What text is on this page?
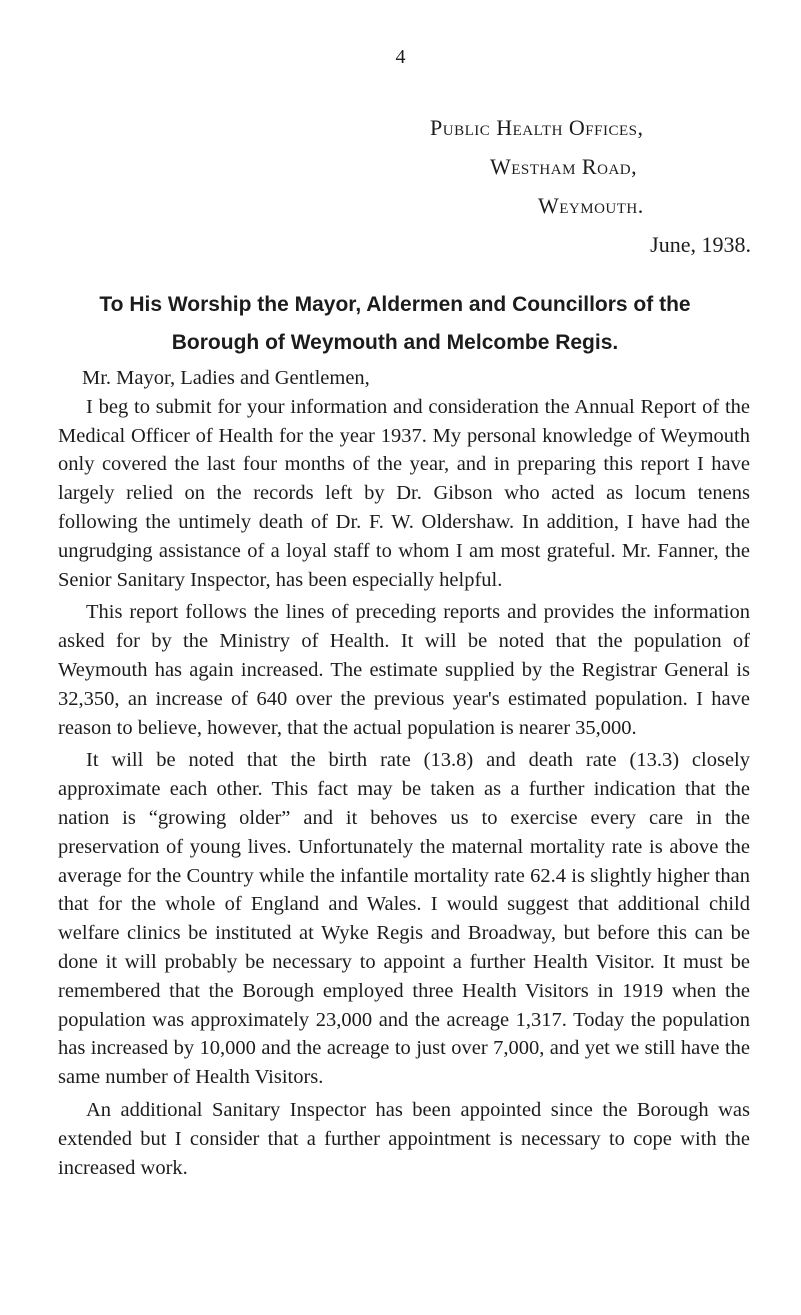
4
Public Health Offices,
Westham Road,
Weymouth.
June, 1938.
To His Worship the Mayor, Aldermen and Councillors of the
Borough of Weymouth and Melcombe Regis.

Mr. Mayor, Ladies and Gentlemen,

I beg to submit for your information and consideration the Annual Report of the Medical Officer of Health for the year 1937. My personal knowledge of Weymouth only covered the last four months of the year, and in preparing this report I have largely relied on the records left by Dr. Gibson who acted as locum tenens following the untimely death of Dr. F. W. Oldershaw. In addition, I have had the ungrudging assistance of a loyal staff to whom I am most grateful. Mr. Fanner, the Senior Sanitary Inspector, has been especially helpful.

This report follows the lines of preceding reports and provides the information asked for by the Ministry of Health. It will be noted that the population of Weymouth has again increased. The estimate supplied by the Registrar General is 32,350, an increase of 640 over the previous year's estimated population. I have reason to believe, however, that the actual population is nearer 35,000.

It will be noted that the birth rate (13.8) and death rate (13.3) closely approximate each other. This fact may be taken as a further indication that the nation is “growing older” and it behoves us to exercise every care in the preservation of young lives. Unfortunately the maternal mortality rate is above the average for the Country while the infantile mortality rate 62.4 is slightly higher than that for the whole of England and Wales. I would suggest that additional child welfare clinics be instituted at Wyke Regis and Broadway, but before this can be done it will probably be necessary to appoint a further Health Visitor. It must be remembered that the Borough employed three Health Visitors in 1919 when the population was approximately 23,000 and the acreage 1,317. Today the population has increased by 10,000 and the acreage to just over 7,000, and yet we still have the same number of Health Visitors.

An additional Sanitary Inspector has been appointed since the Borough was extended but I consider that a further appointment is necessary to cope with the increased work.
